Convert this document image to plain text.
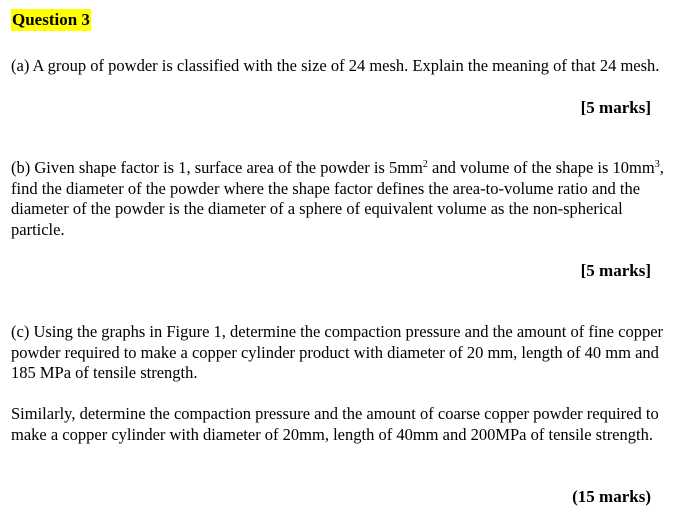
Question 3

(a) A group of powder is classified with the size of 24 mesh. Explain the meaning of that 24 mesh.

[5 marks]

(b) Given shape factor is 1, surface area of the powder is $5mm^2$ and volume of the shape is $10mm^3$, find the diameter of the powder where the shape factor defines the area-to-volume ratio and the diameter of the powder is the diameter of a sphere of equivalent volume as the non-spherical particle.

[5 marks]

(c) Using the graphs in Figure 1, determine the compaction pressure and the amount of fine copper powder required to make a copper cylinder product with diameter of 20 mm, length of 40 mm and 185 MPa of tensile strength.

Similarly, determine the compaction pressure and the amount of coarse copper powder required to make a copper cylinder with diameter of 20mm, length of 40mm and 200MPa of tensile strength.

(15 marks)
